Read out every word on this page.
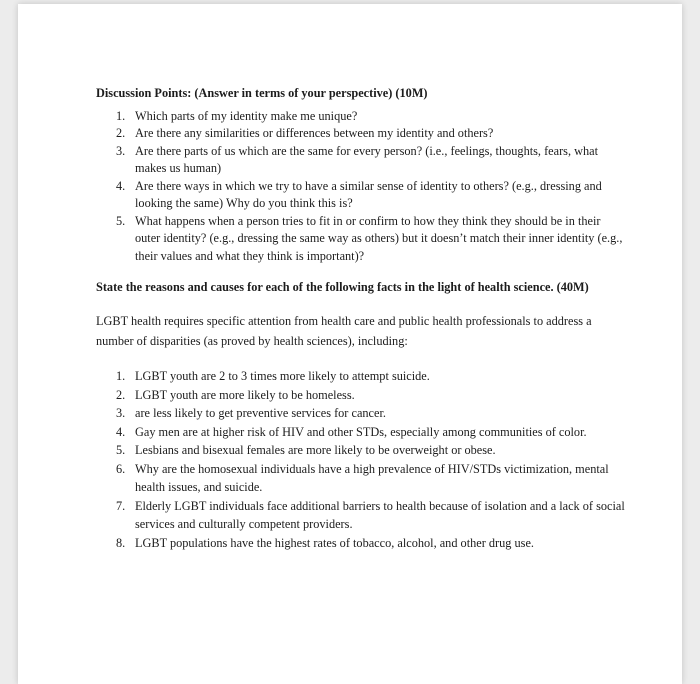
Discussion Points: (Answer in terms of your perspective) (10M)

1. Which parts of my identity make me unique?
2. Are there any similarities or differences between my identity and others?
3. Are there parts of us which are the same for every person? (i.e., feelings, thoughts, fears, what makes us human)
4. Are there ways in which we try to have a similar sense of identity to others? (e.g., dressing and looking the same) Why do you think this is?
5. What happens when a person tries to fit in or confirm to how they think they should be in their outer identity? (e.g., dressing the same way as others) but it doesn’t match their inner identity (e.g., their values and what they think is important)?

State the reasons and causes for each of the following facts in the light of health science. (40M)

LGBT health requires specific attention from health care and public health professionals to address a number of disparities (as proved by health sciences), including:

1. LGBT youth are 2 to 3 times more likely to attempt suicide.
2. LGBT youth are more likely to be homeless.
3. are less likely to get preventive services for cancer.
4. Gay men are at higher risk of HIV and other STDs, especially among communities of color.
5. Lesbians and bisexual females are more likely to be overweight or obese.
6. Why are the homosexual individuals have a high prevalence of HIV/STDs victimization, mental health issues, and suicide.
7. Elderly LGBT individuals face additional barriers to health because of isolation and a lack of social services and culturally competent providers.
8. LGBT populations have the highest rates of tobacco, alcohol, and other drug use.
